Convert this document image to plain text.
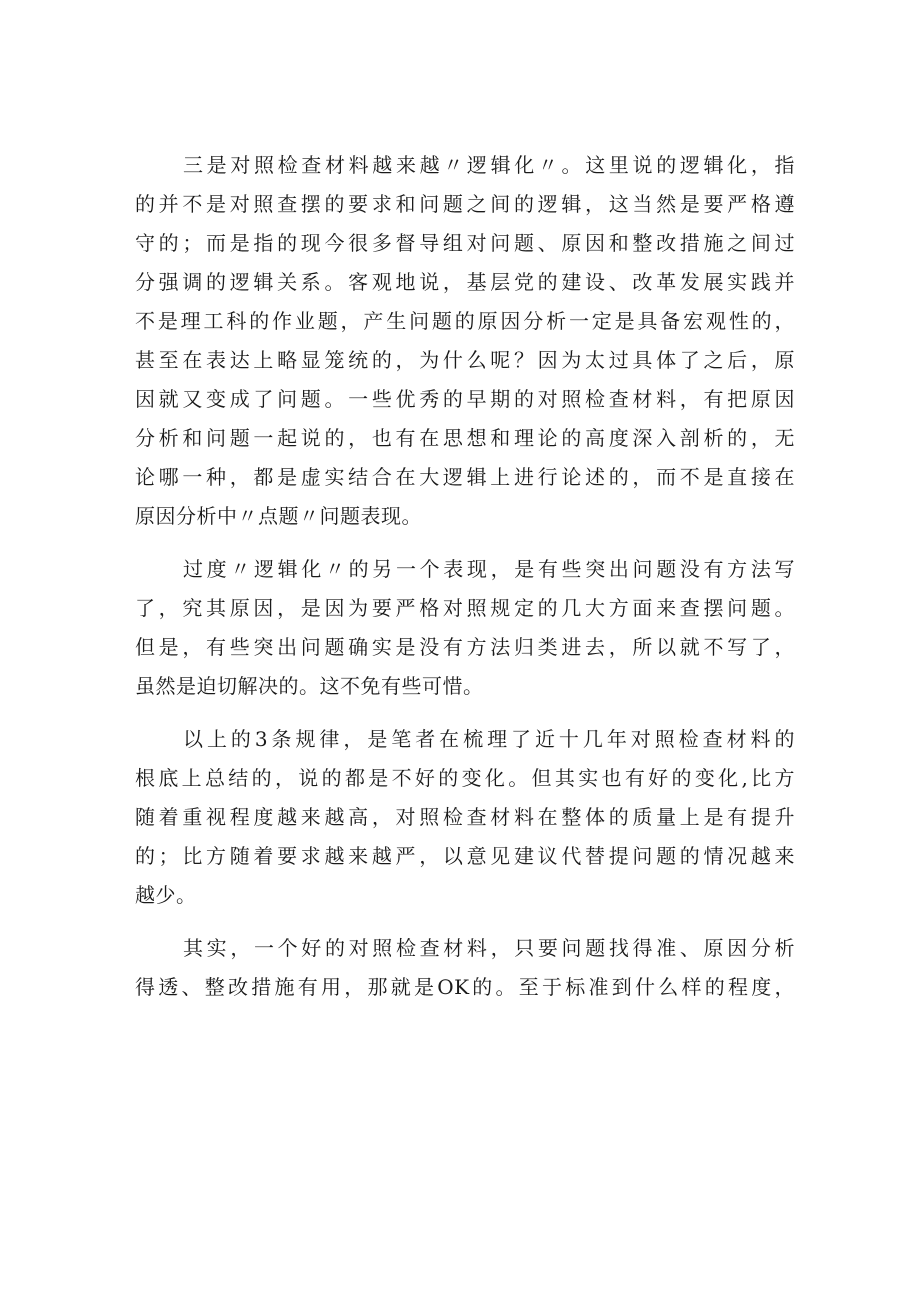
三是对照检查材料越来越〃逻辑化〃。这里说的逻辑化，指
的并不是对照查摆的要求和问题之间的逻辑，这当然是要严格遵
守的；而是指的现今很多督导组对问题、原因和整改措施之间过
分强调的逻辑关系。客观地说，基层党的建设、改革发展实践并
不是理工科的作业题，产生问题的原因分析一定是具备宏观性的，
甚至在表达上略显笼统的，为什么呢？因为太过具体了之后，原
因就又变成了问题。一些优秀的早期的对照检查材料，有把原因
分析和问题一起说的，也有在思想和理论的高度深入剖析的，无
论哪一种，都是虚实结合在大逻辑上进行论述的，而不是直接在
原因分析中〃点题〃问题表现。
过度〃逻辑化〃的另一个表现，是有些突出问题没有方法写
了，究其原因，是因为要严格对照规定的几大方面来查摆问题。
但是，有些突出问题确实是没有方法归类进去，所以就不写了，
虽然是迫切解决的。这不免有些可惜。
以上的3条规律，是笔者在梳理了近十几年对照检查材料的
根底上总结的，说的都是不好的变化。但其实也有好的变化,比方
随着重视程度越来越高，对照检查材料在整体的质量上是有提升
的；比方随着要求越来越严，以意见建议代替提问题的情况越来
越少。
其实，一个好的对照检查材料，只要问题找得准、原因分析
得透、整改措施有用，那就是OK的。至于标准到什么样的程度，
